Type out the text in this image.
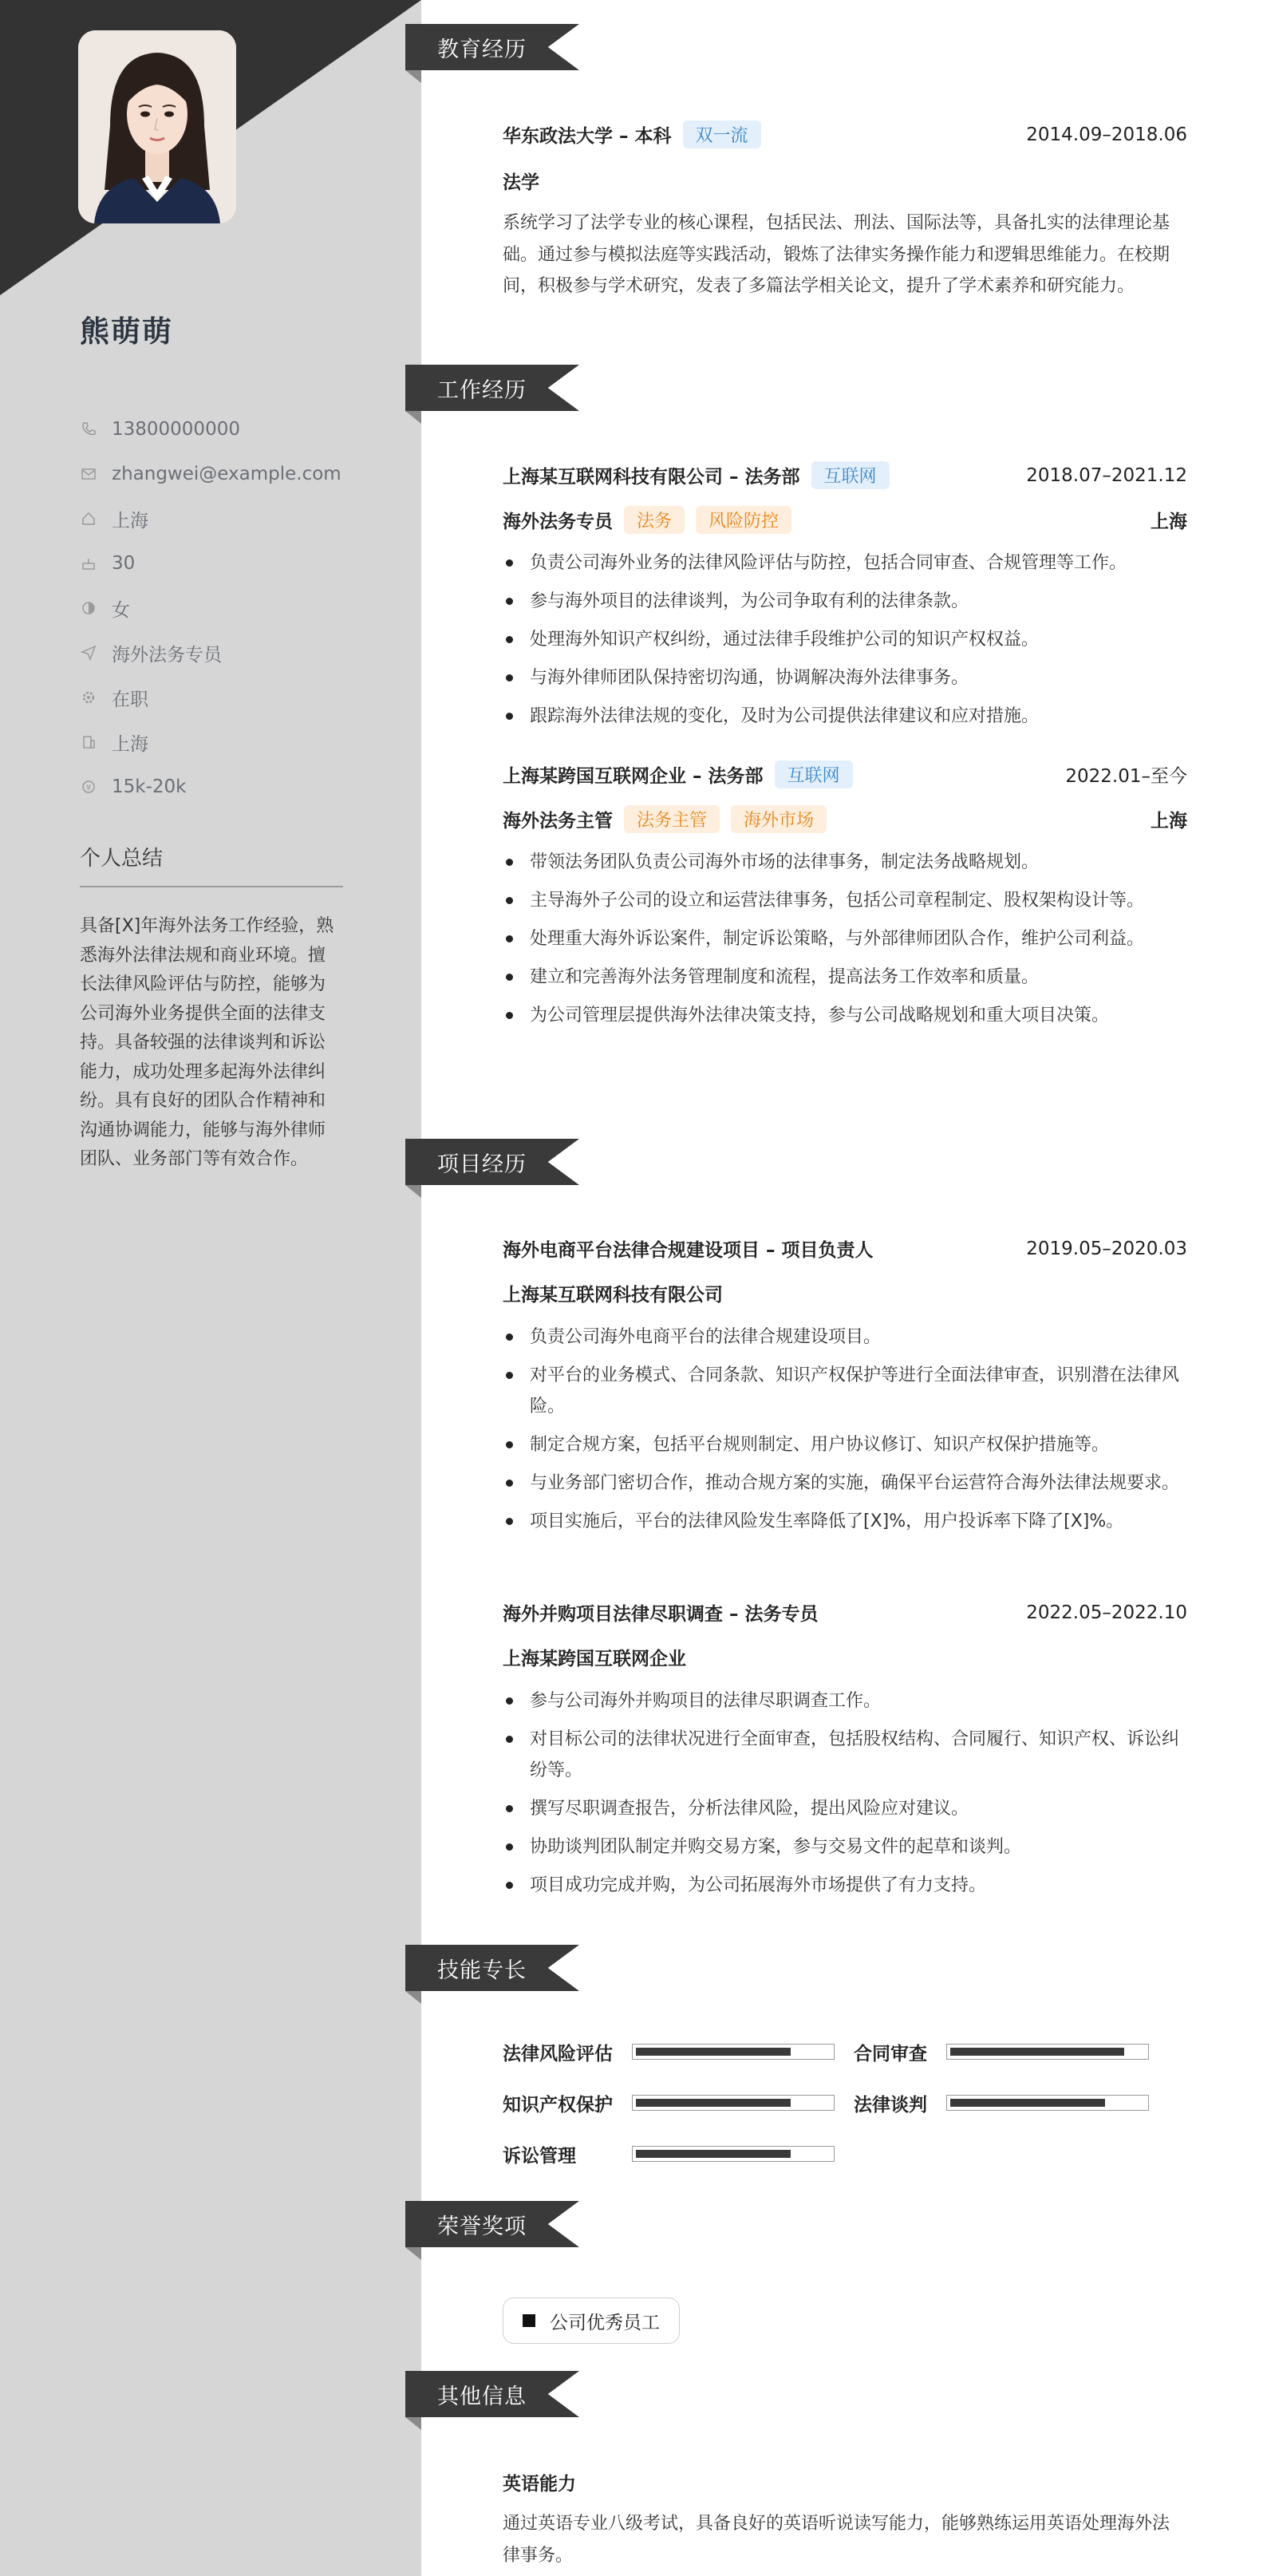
熊萌萌
13800000000
zhangwei@example.com
上海
30
女
海外法务专员
在职
上海
¥ 15k-20k
个人总结
具备[X]年海外法务工作经验，熟悉海外法律法规和商业环境。擅长法律风险评估与防控，能够为公司海外业务提供全面的法律支持。具备较强的法律谈判和诉讼能力，成功处理多起海外法律纠纷。具有良好的团队合作精神和沟通协调能力，能够与海外律师团队、业务部门等有效合作。
教育经历
华东政法大学 – 本科	双一流	2014.09–2018.06
法学
系统学习了法学专业的核心课程，包括民法、刑法、国际法等，具备扎实的法律理论基础。通过参与模拟法庭等实践活动，锻炼了法律实务操作能力和逻辑思维能力。在校期间，积极参与学术研究，发表了多篇法学相关论文，提升了学术素养和研究能力。
工作经历
上海某互联网科技有限公司 – 法务部	互联网	2018.07–2021.12
海外法务专员	法务	风险防控	上海
负责公司海外业务的法律风险评估与防控，包括合同审查、合规管理等工作。
参与海外项目的法律谈判，为公司争取有利的法律条款。
处理海外知识产权纠纷，通过法律手段维护公司的知识产权权益。
与海外律师团队保持密切沟通，协调解决海外法律事务。
跟踪海外法律法规的变化，及时为公司提供法律建议和应对措施。
上海某跨国互联网企业 – 法务部	互联网	2022.01–至今
海外法务主管	法务主管	海外市场	上海
带领法务团队负责公司海外市场的法律事务，制定法务战略规划。
主导海外子公司的设立和运营法律事务，包括公司章程制定、股权架构设计等。
处理重大海外诉讼案件，制定诉讼策略，与外部律师团队合作，维护公司利益。
建立和完善海外法务管理制度和流程，提高法务工作效率和质量。
为公司管理层提供海外法律决策支持，参与公司战略规划和重大项目决策。
项目经历
海外电商平台法律合规建设项目 – 项目负责人	2019.05–2020.03
上海某互联网科技有限公司
负责公司海外电商平台的法律合规建设项目。
对平台的业务模式、合同条款、知识产权保护等进行全面法律审查，识别潜在法律风险。
制定合规方案，包括平台规则制定、用户协议修订、知识产权保护措施等。
与业务部门密切合作，推动合规方案的实施，确保平台运营符合海外法律法规要求。
项目实施后，平台的法律风险发生率降低了[X]%，用户投诉率下降了[X]%。
海外并购项目法律尽职调查 – 法务专员	2022.05–2022.10
上海某跨国互联网企业
参与公司海外并购项目的法律尽职调查工作。
对目标公司的法律状况进行全面审查，包括股权结构、合同履行、知识产权、诉讼纠纷等。
撰写尽职调查报告，分析法律风险，提出风险应对建议。
协助谈判团队制定并购交易方案，参与交易文件的起草和谈判。
项目成功完成并购，为公司拓展海外市场提供了有力支持。
技能专长
法律风险评估	合同审查
知识产权保护	法律谈判
诉讼管理
荣誉奖项
公司优秀员工
其他信息
英语能力
通过英语专业八级考试，具备良好的英语听说读写能力，能够熟练运用英语处理海外法律事务。
